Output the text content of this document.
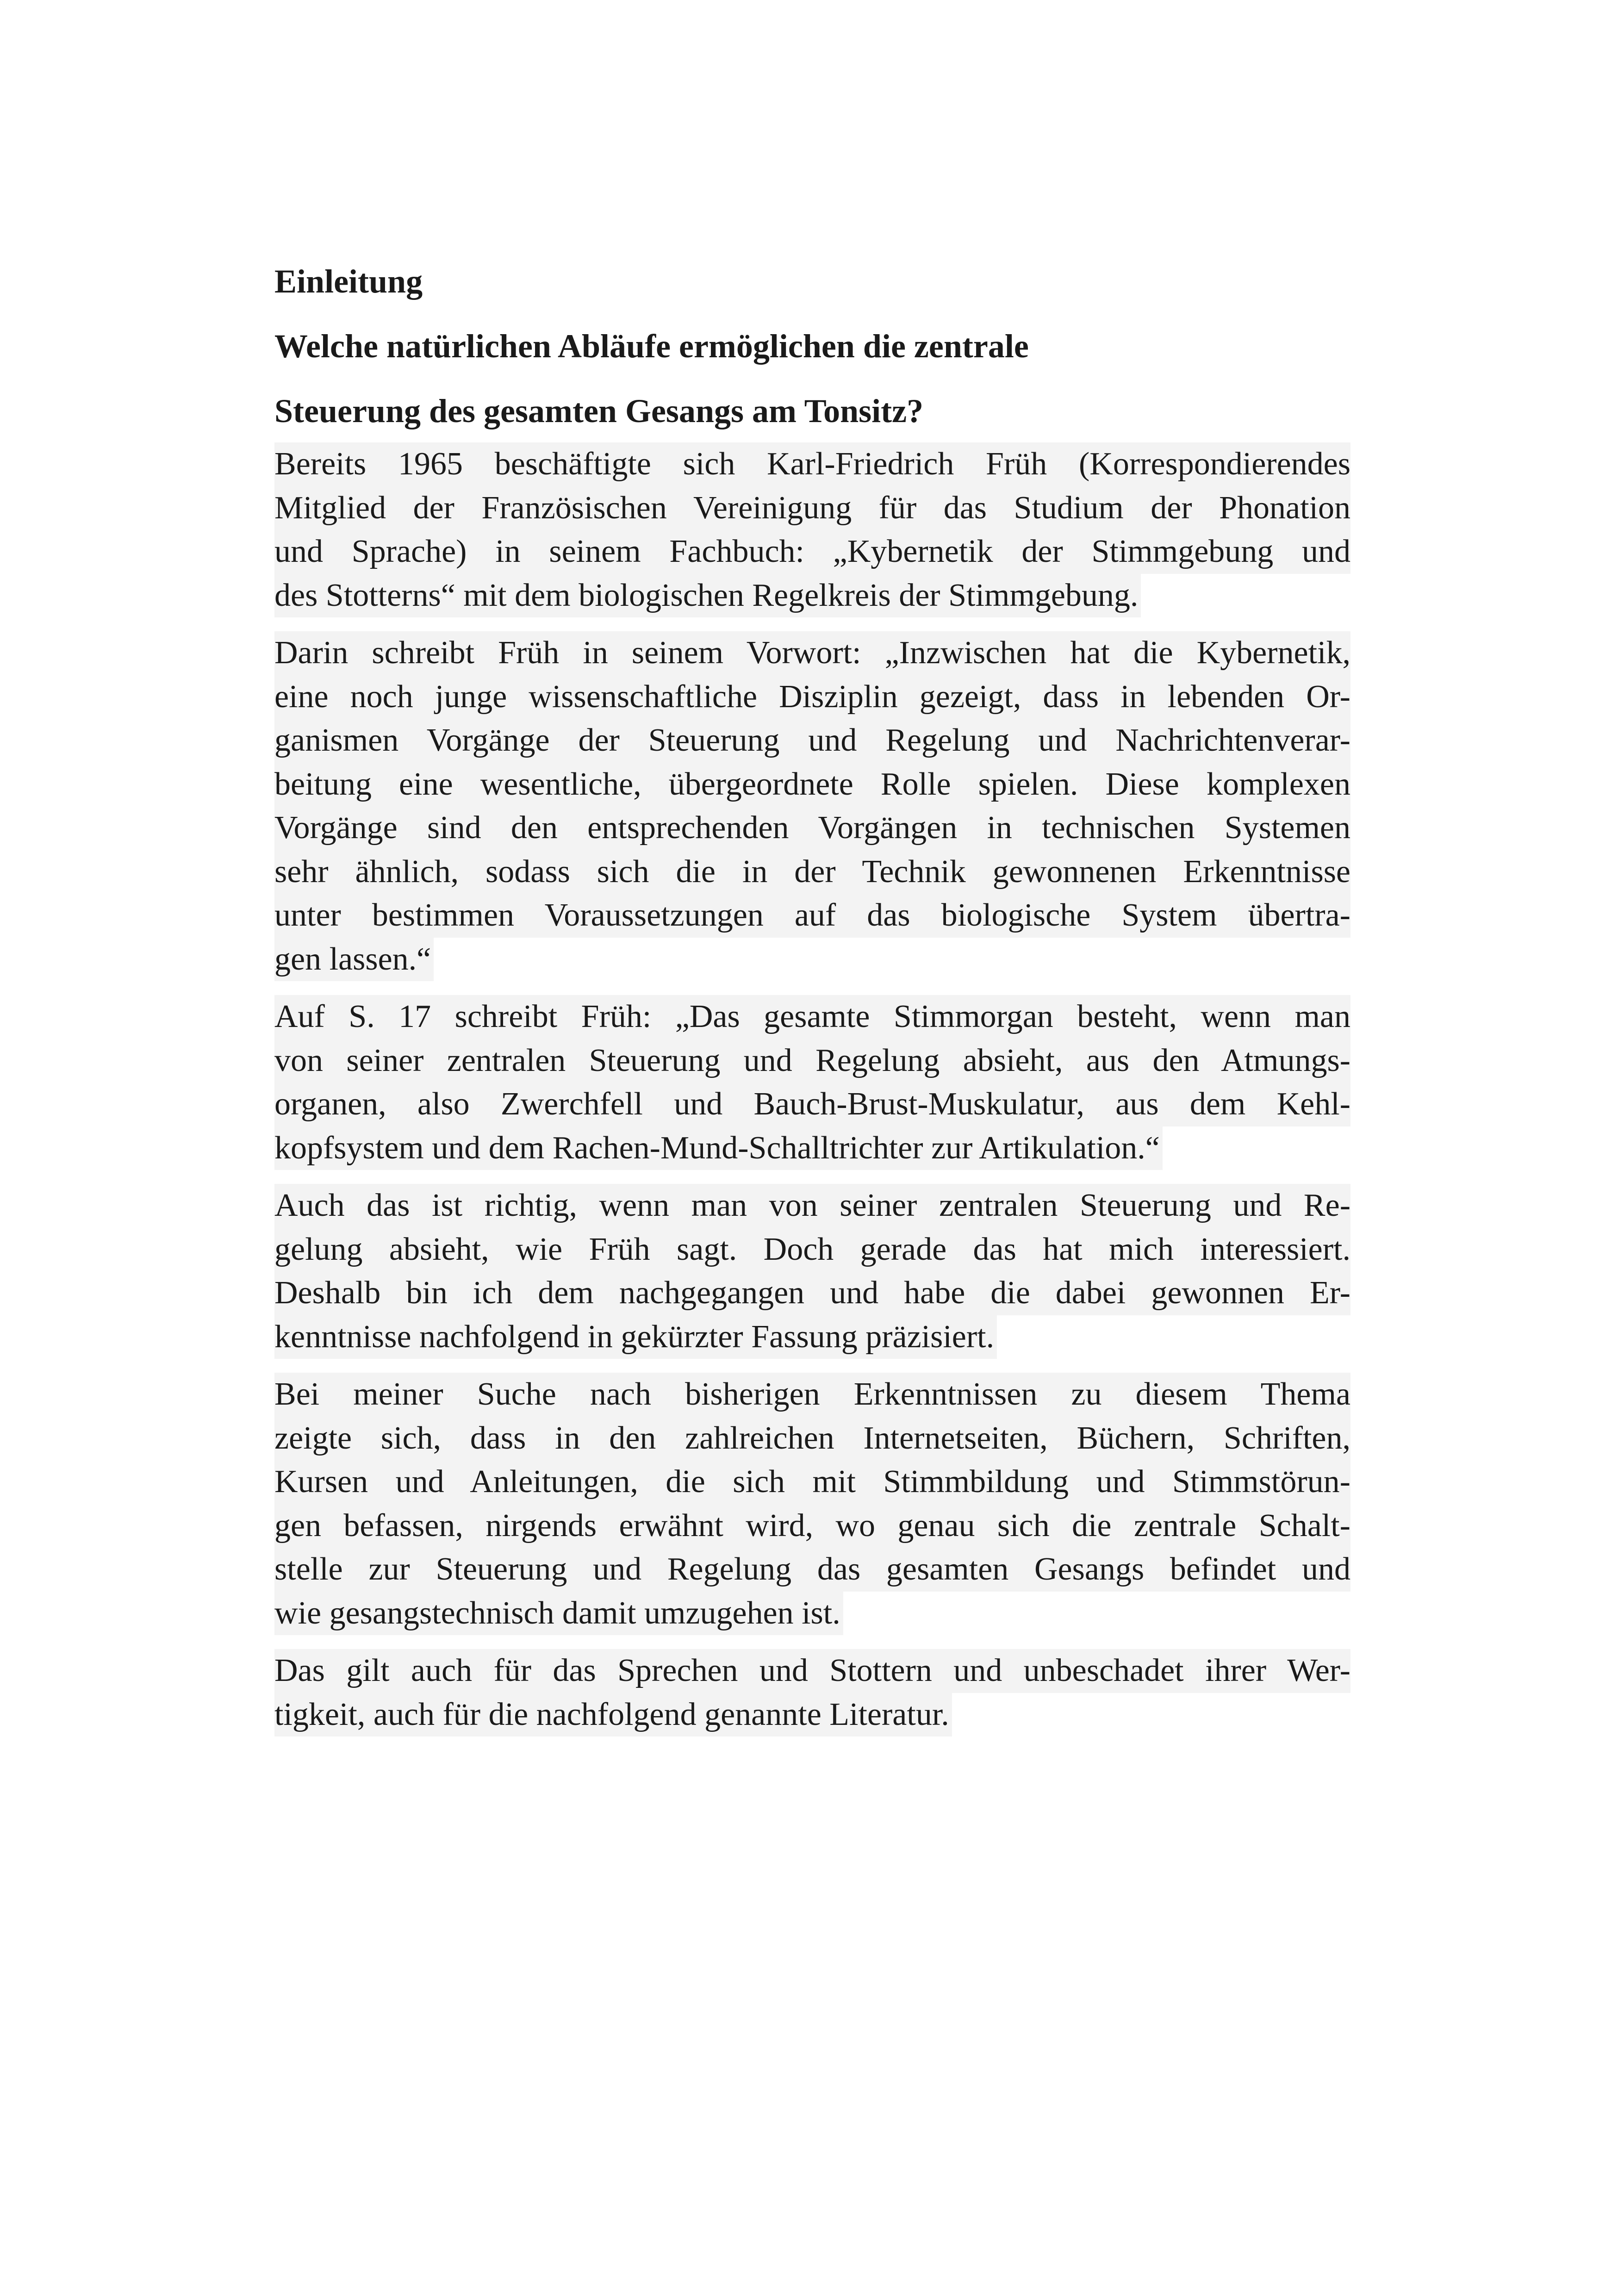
Einleitung
Welche natürlichen Abläufe ermöglichen die zentrale
Steuerung des gesamten Gesangs am Tonsitz?

Bereits 1965 beschäftigte sich Karl-Friedrich Früh (Korrespondierendes
Mitglied der Französischen Vereinigung für das Studium der Phonation
und Sprache) in seinem Fachbuch: „Kybernetik der Stimmgebung und
des Stotterns“ mit dem biologischen Regelkreis der Stimmgebung.

Darin schreibt Früh in seinem Vorwort: „Inzwischen hat die Kybernetik,
eine noch junge wissenschaftliche Disziplin gezeigt, dass in lebenden Or-
ganismen Vorgänge der Steuerung und Regelung und Nachrichtenverar-
beitung eine wesentliche, übergeordnete Rolle spielen. Diese komplexen
Vorgänge sind den entsprechenden Vorgängen in technischen Systemen
sehr ähnlich, sodass sich die in der Technik gewonnenen Erkenntnisse
unter bestimmen Voraussetzungen auf das biologische System übertra-
gen lassen.“

Auf S. 17 schreibt Früh: „Das gesamte Stimmorgan besteht, wenn man
von seiner zentralen Steuerung und Regelung absieht, aus den Atmungs-
organen, also Zwerchfell und Bauch-Brust-Muskulatur, aus dem Kehl-
kopfsystem und dem Rachen-Mund-Schalltrichter zur Artikulation.“

Auch das ist richtig, wenn man von seiner zentralen Steuerung und Re-
gelung absieht, wie Früh sagt. Doch gerade das hat mich interessiert.
Deshalb bin ich dem nachgegangen und habe die dabei gewonnen Er-
kenntnisse nachfolgend in gekürzter Fassung präzisiert.

Bei meiner Suche nach bisherigen Erkenntnissen zu diesem Thema
zeigte sich, dass in den zahlreichen Internetseiten, Büchern, Schriften,
Kursen und Anleitungen, die sich mit Stimmbildung und Stimmstörun-
gen befassen, nirgends erwähnt wird, wo genau sich die zentrale Schalt-
stelle zur Steuerung und Regelung das gesamten Gesangs befindet und
wie gesangstechnisch damit umzugehen ist.

Das gilt auch für das Sprechen und Stottern und unbeschadet ihrer Wer-
tigkeit, auch für die nachfolgend genannte Literatur.
